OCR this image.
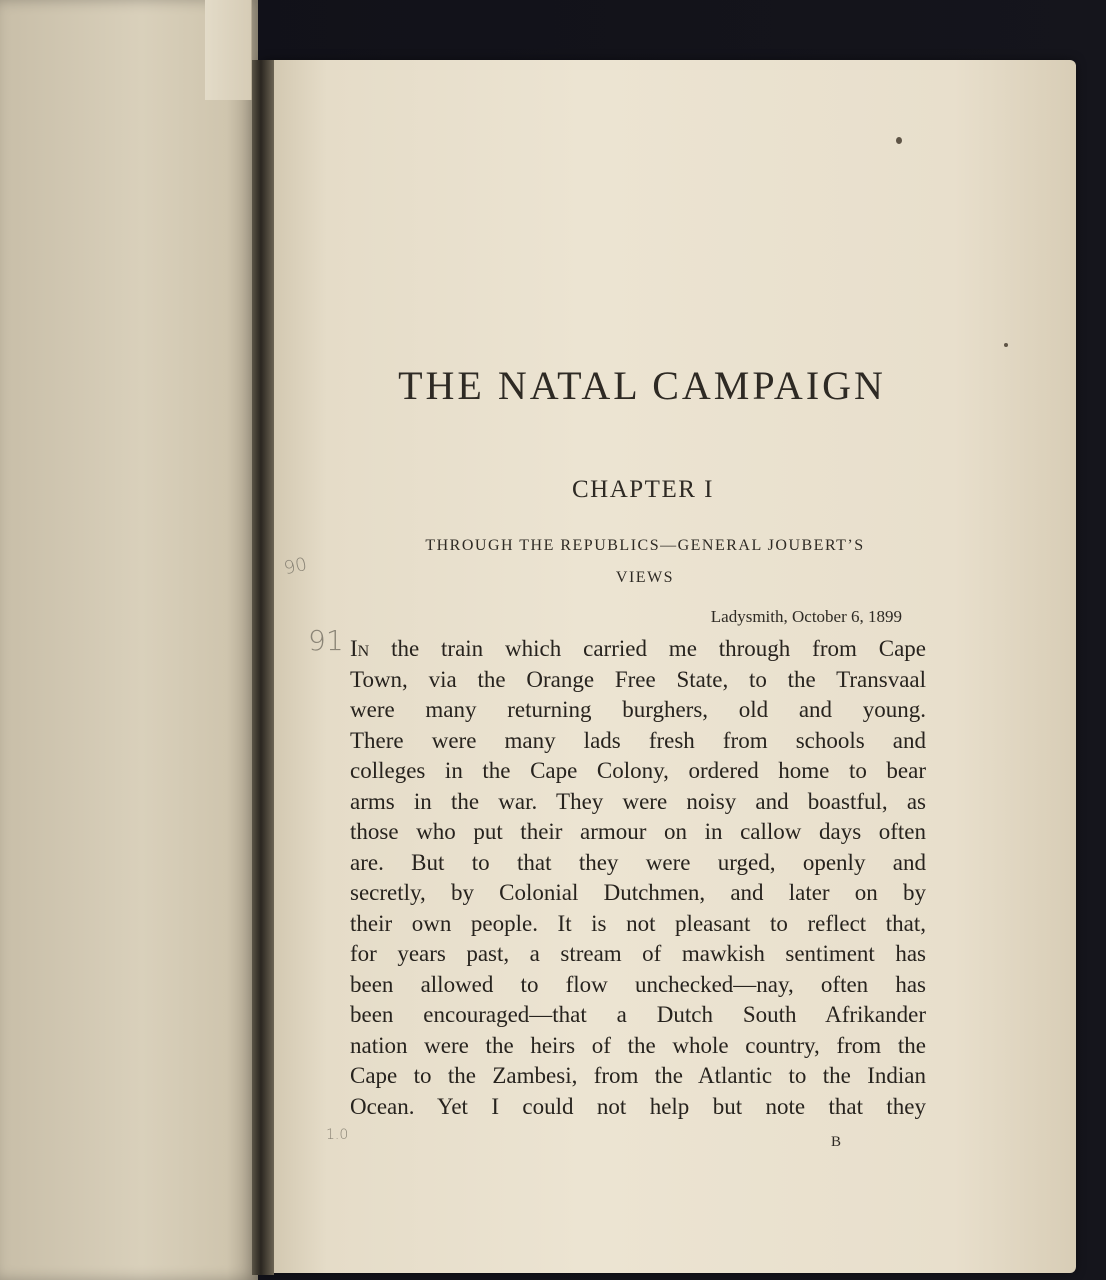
THE NATAL CAMPAIGN
CHAPTER I
THROUGH THE REPUBLICS—GENERAL JOUBERT’S
VIEWS
Ladysmith, October 6, 1899
In the train which carried me through from Cape
Town, via the Orange Free State, to the Transvaal
were many returning burghers, old and young.
There were many lads fresh from schools and
colleges in the Cape Colony, ordered home to bear
arms in the war. They were noisy and boastful, as
those who put their armour on in callow days often
are. But to that they were urged, openly and
secretly, by Colonial Dutchmen, and later on by
their own people. It is not pleasant to reflect that,
for years past, a stream of mawkish sentiment has
been allowed to flow unchecked—nay, often has
been encouraged—that a Dutch South Afrikander
nation were the heirs of the whole country, from the
Cape to the Zambesi, from the Atlantic to the Indian
Ocean. Yet I could not help but note that they
B
90
91
1.0
